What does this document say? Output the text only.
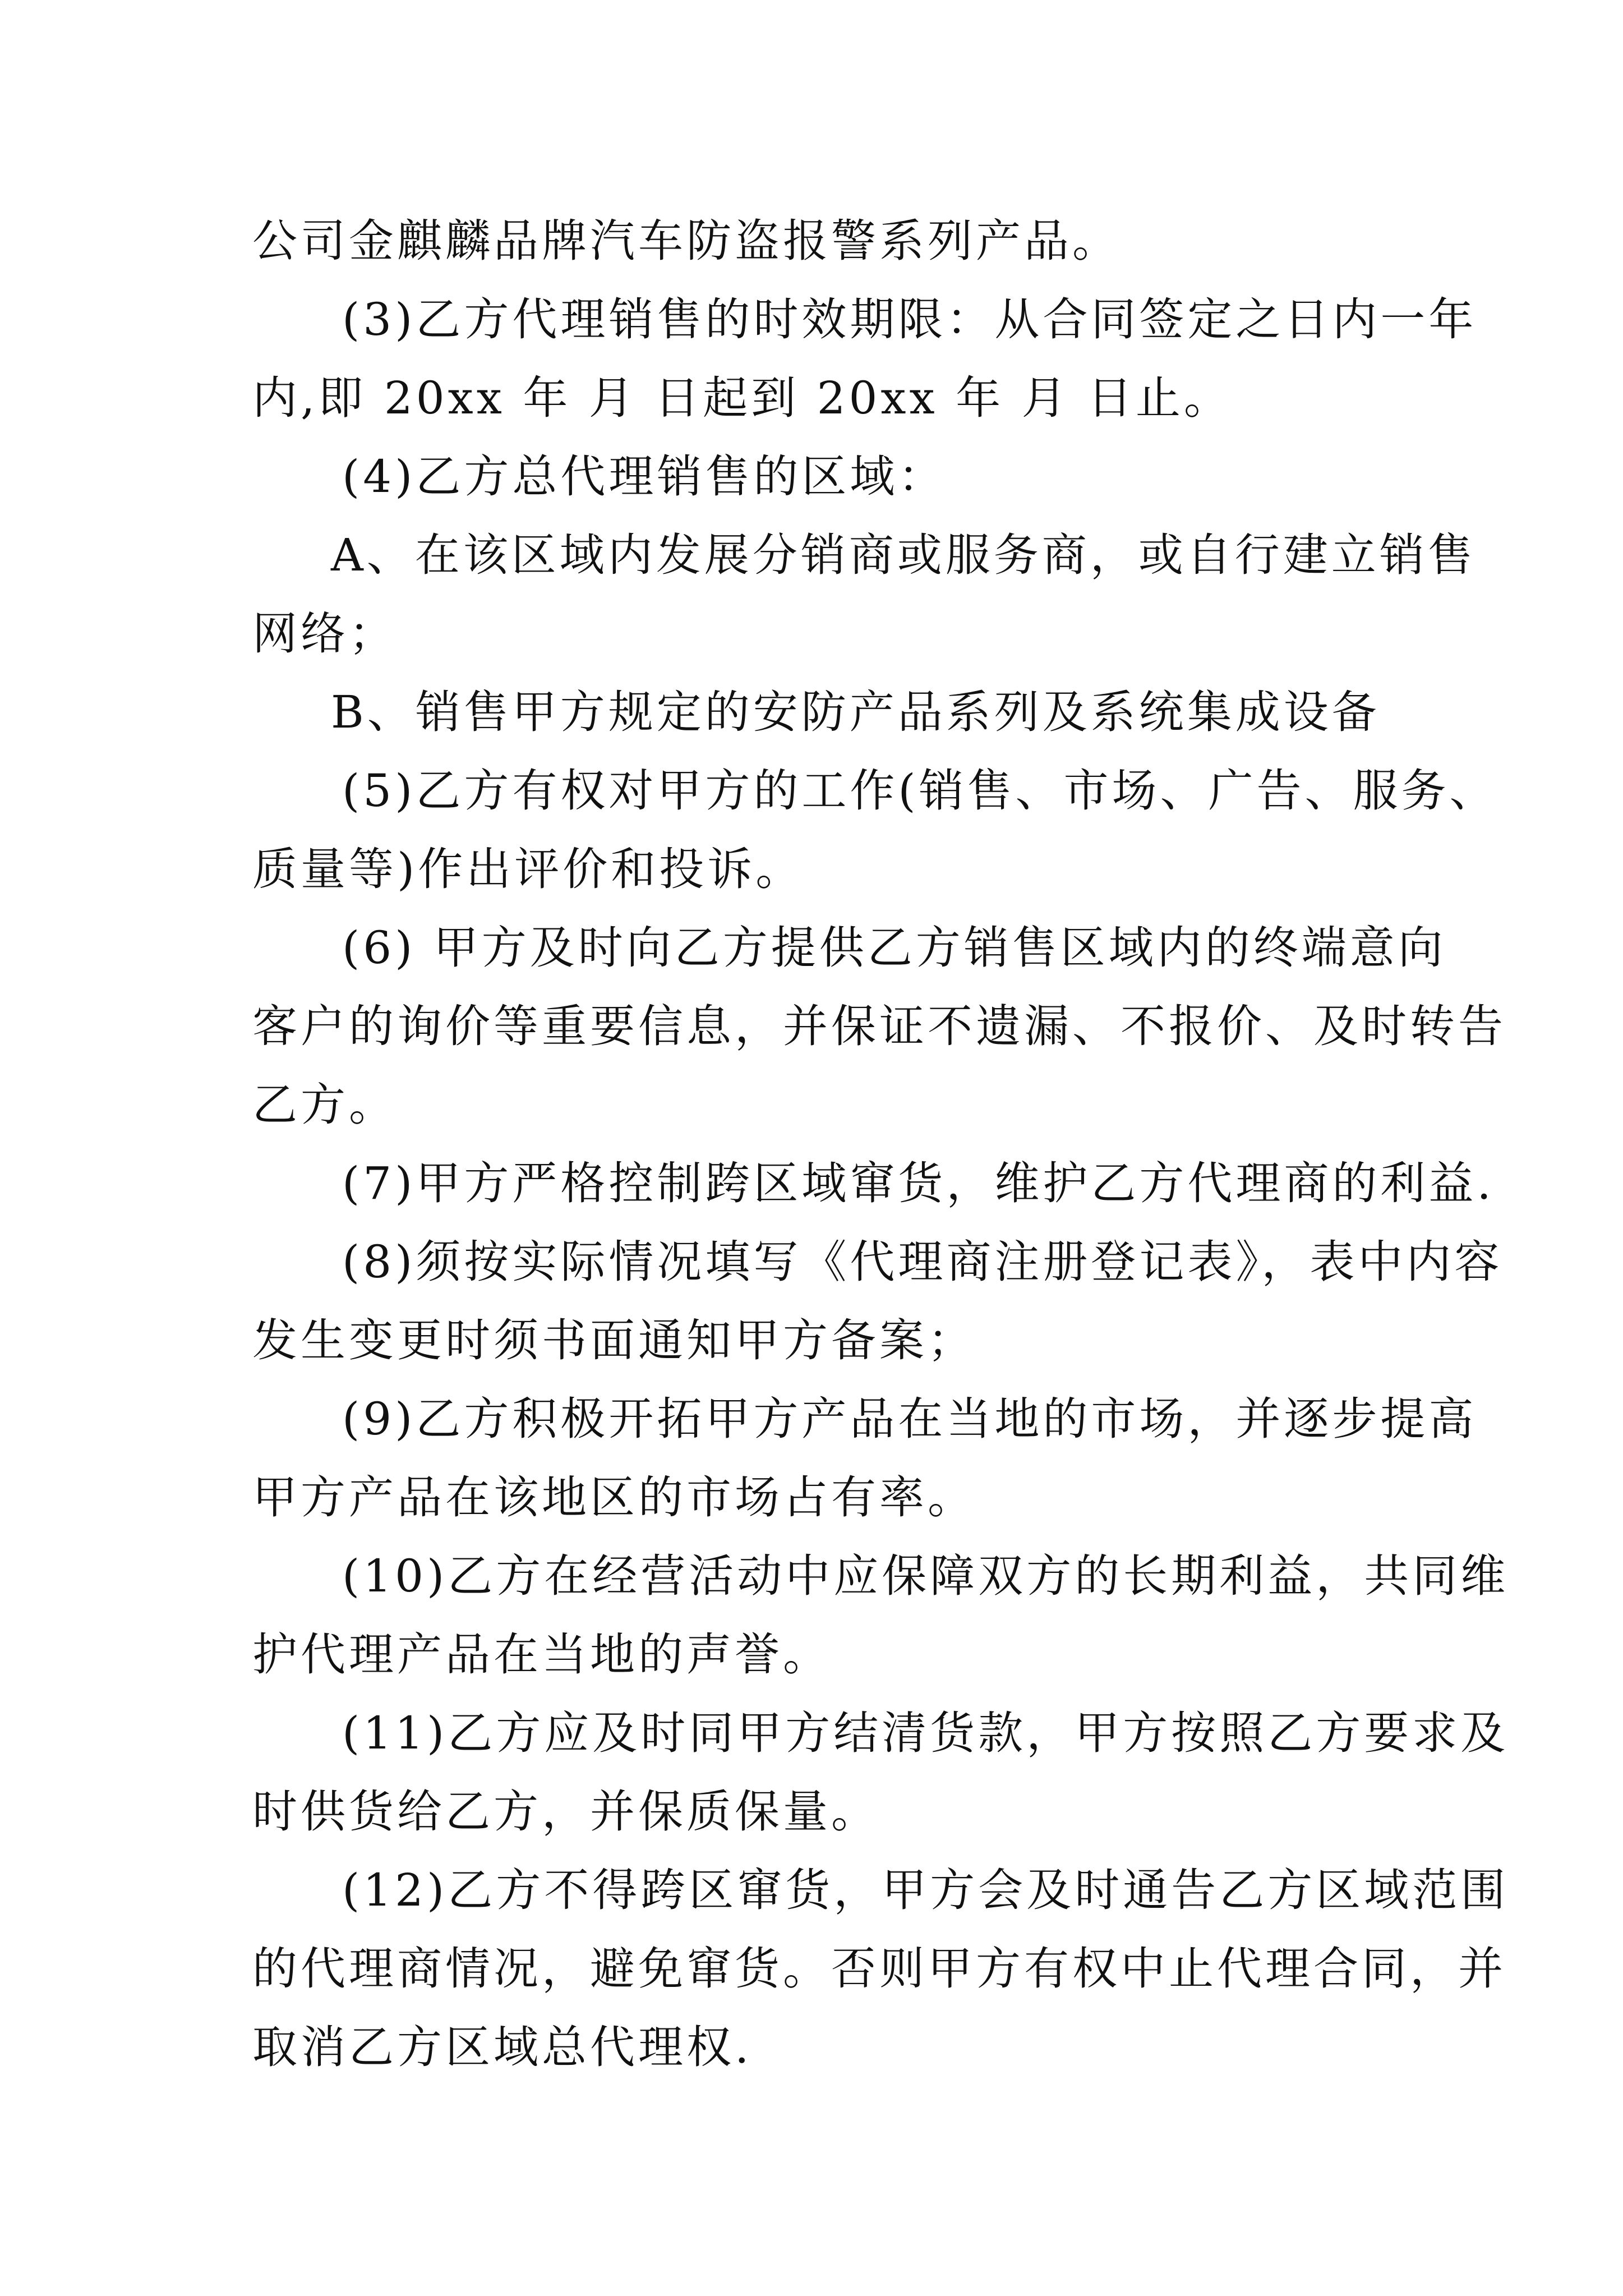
公司金麒麟品牌汽车防盗报警系列产品。
(3)乙方代理销售的时效期限：从合同签定之日内一年
内,即 20xx 年 月 日起到 20xx 年 月 日止。
(4)乙方总代理销售的区域：
A、在该区域内发展分销商或服务商，或自行建立销售
网络；
B、销售甲方规定的安防产品系列及系统集成设备
(5)乙方有权对甲方的工作(销售、市场、广告、服务、
质量等)作出评价和投诉。
(6) 甲方及时向乙方提供乙方销售区域内的终端意向
客户的询价等重要信息，并保证不遗漏、不报价、及时转告
乙方。
(7)甲方严格控制跨区域窜货，维护乙方代理商的利益.
(8)须按实际情况填写《代理商注册登记表》，表中内容
发生变更时须书面通知甲方备案；
(9)乙方积极开拓甲方产品在当地的市场，并逐步提高
甲方产品在该地区的市场占有率。
(10)乙方在经营活动中应保障双方的长期利益，共同维
护代理产品在当地的声誉。
(11)乙方应及时同甲方结清货款，甲方按照乙方要求及
时供货给乙方，并保质保量。
(12)乙方不得跨区窜货，甲方会及时通告乙方区域范围
的代理商情况，避免窜货。否则甲方有权中止代理合同，并
取消乙方区域总代理权.
